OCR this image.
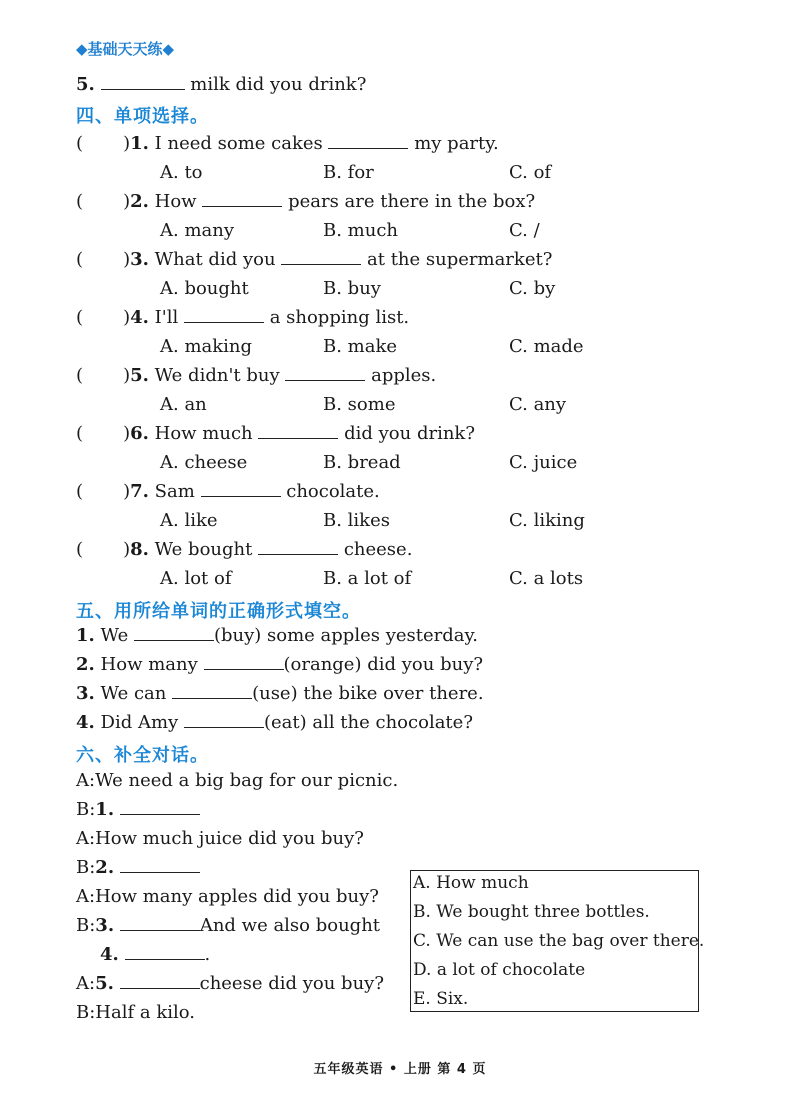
◆基础天天练◆
5.	milk did you drink?
四、单项选择。
(       )1. I need some cakes	my party.
A. to	B. for	C. of
(       )2. How	pears are there in the box?
A. many	B. much	C. /
(       )3. What did you	at the supermarket?
A. bought	B. buy	C. by
(       )4. I'll	a shopping list.
A. making	B. make	C. made
(       )5. We didn't buy	apples.
A. an	B. some	C. any
(       )6. How much	did you drink?
A. cheese	B. bread	C. juice
(       )7. Sam	chocolate.
A. like	B. likes	C. liking
(       )8. We bought	cheese.
A. lot of	B. a lot of	C. a lots
五、用所给单词的正确形式填空。
1. We	(buy) some apples yesterday.
2. How many	(orange) did you buy?
3. We can	(use) the bike over there.
4. Did Amy	(eat) all the chocolate?
六、补全对话。
A:We need a big bag for our picnic.
B:1.
A:How much juice did you buy?
B:2.
A:How many apples did you buy?
B:3.	And we also bought
4.	.
A:5.	cheese did you buy?
B:Half a kilo.
A. How much
B. We bought three bottles.
C. We can use the bag over there.
D. a lot of chocolate
E. Six.
五年级英语 • 上册 第 4 页
